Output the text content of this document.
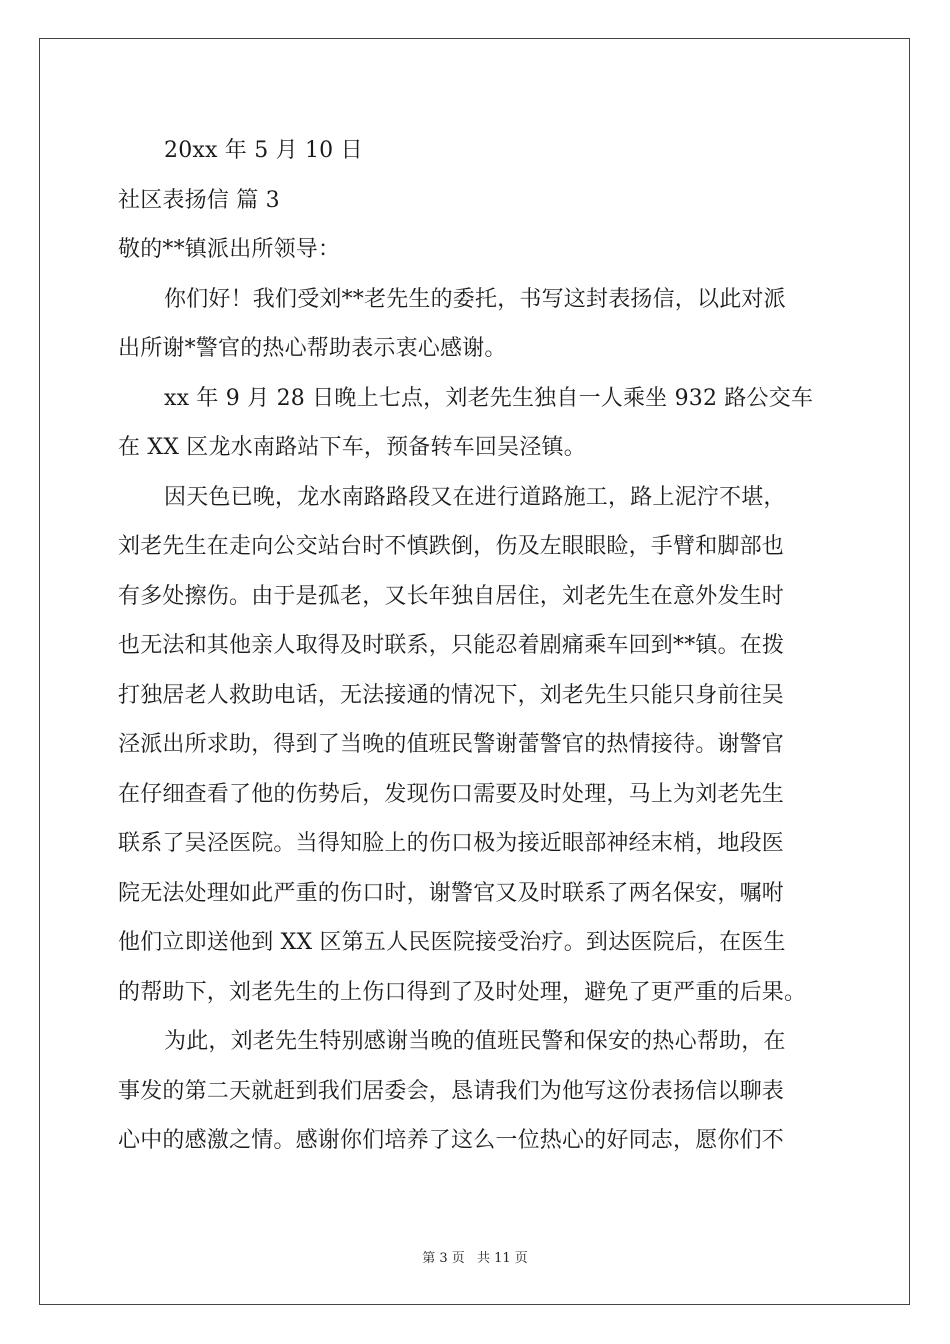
20xx 年 5 月 10 日
社区表扬信 篇 3
敬的**镇派出所领导：
你们好！我们受刘**老先生的委托，书写这封表扬信，以此对派
出所谢*警官的热心帮助表示衷心感谢。
xx 年 9 月 28 日晚上七点，刘老先生独自一人乘坐 932 路公交车
在 XX 区龙水南路站下车，预备转车回吴泾镇。
因天色已晚，龙水南路路段又在进行道路施工，路上泥泞不堪，
刘老先生在走向公交站台时不慎跌倒，伤及左眼眼睑，手臂和脚部也
有多处擦伤。由于是孤老，又长年独自居住，刘老先生在意外发生时
也无法和其他亲人取得及时联系，只能忍着剧痛乘车回到**镇。在拨
打独居老人救助电话，无法接通的情况下，刘老先生只能只身前往吴
泾派出所求助，得到了当晚的值班民警谢蕾警官的热情接待。谢警官
在仔细查看了他的伤势后，发现伤口需要及时处理，马上为刘老先生
联系了吴泾医院。当得知脸上的伤口极为接近眼部神经末梢，地段医
院无法处理如此严重的伤口时，谢警官又及时联系了两名保安，嘱咐
他们立即送他到 XX 区第五人民医院接受治疗。到达医院后，在医生
的帮助下，刘老先生的上伤口得到了及时处理，避免了更严重的后果。
为此，刘老先生特别感谢当晚的值班民警和保安的热心帮助，在
事发的第二天就赶到我们居委会，恳请我们为他写这份表扬信以聊表
心中的感激之情。感谢你们培养了这么一位热心的好同志，愿你们不
第 3 页 共 11 页
